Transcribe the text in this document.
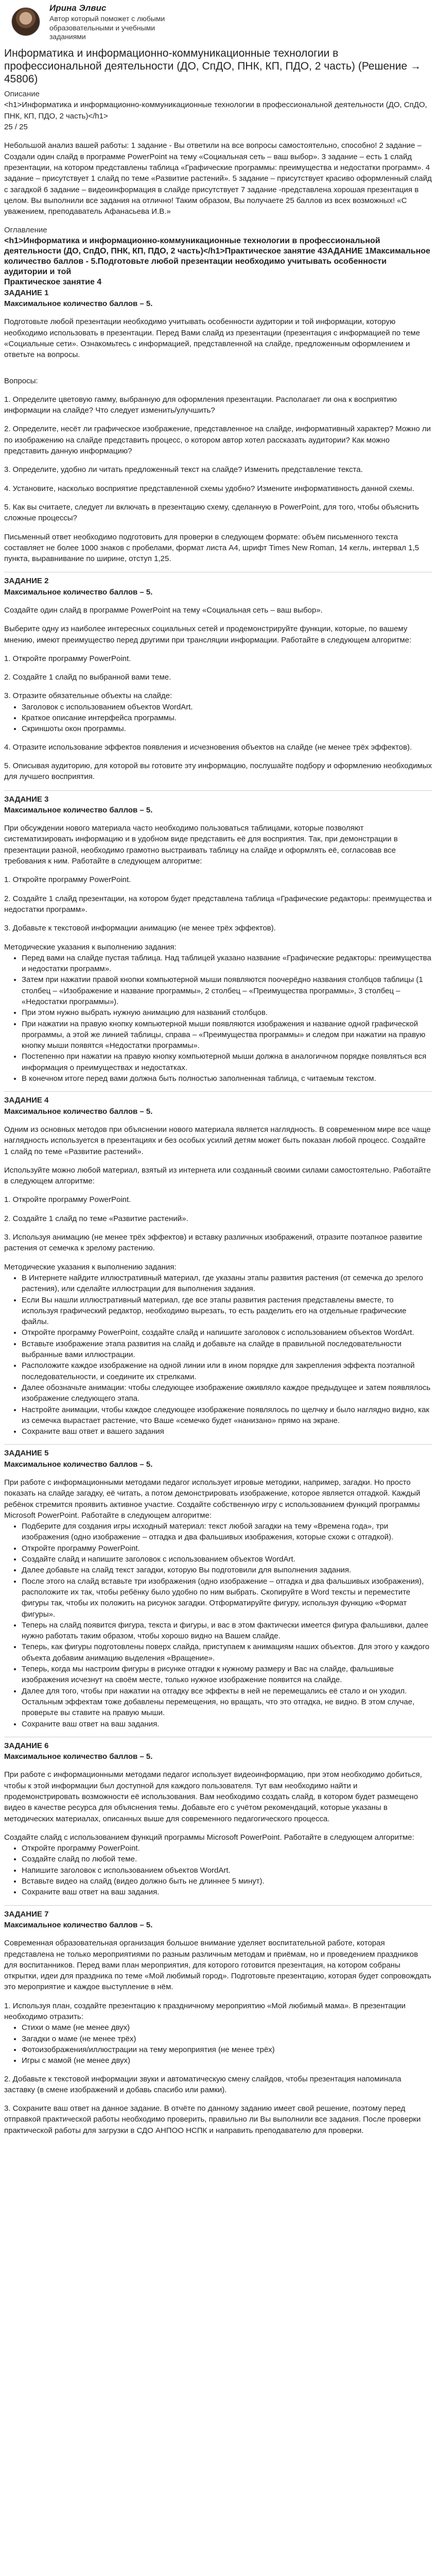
Ирина Элвис
Автор который поможет с любыми образовательными и учебными заданиями
Информатика и информационно-коммуникационные технологии в профессиональной деятельности (ДО, СпДО, ПНК, КП, ПДО, 2 часть) (Решение → 45806)
Описание

<h1>Информатика и информационно-коммуникационные технологии в профессиональной деятельности (ДО, СпДО, ПНК, КП, ПДО, 2 часть)</h1>

25 / 25

Небольшой анализ вашей работы: 1 задание - Вы ответили на все вопросы самостоятельно, способно! 2 задание – Создали один слайд в программе PowerPoint на тему «Социальная сеть – ваш выбор». 3 задание – есть 1 слайд презентации, на котором представлены таблица «Графические программы: преимущества и недостатки программ». 4 задание – присутствует 1 слайд по теме «Развитие растений». 5 задание – присутствует красиво оформленный слайд с загадкой 6 задание – видеоинформация в слайде присутствует 7 задание -представлена хорошая презентация в целом. Вы выполнили все задания на отлично! Таким образом, Вы получаете 25 баллов из всех возможных! «С уважением, преподаватель Афанасьева И.В.»

Оглавление

<h1>Информатика и информационно-коммуникационные технологии в профессиональной деятельности (ДО, СпДО, ПНК, КП, ПДО, 2 часть)</h1>Практическое занятие 4ЗАДАНИЕ 1Максимальное количество баллов - 5.Подготовьте любой презентации необходимо учитывать особенности аудитории и той

Практическое занятие 4

ЗАДАНИЕ 1

Максимальное количество баллов – 5.

Подготовьте любой презентации необходимо учитывать особенности аудитории и той информации, которую необходимо использовать в презентации. Перед Вами слайд из презентации (презентация с информацией по теме «Социальные сети». Ознакомьтесь с информацией, представленной на слайде, предложенным оформлением и ответьте на вопросы.

Вопросы:

1. Определите цветовую гамму, выбранную для оформления презентации. Располагает ли она к восприятию информации на слайде? Что следует изменить/улучшить?

2. Определите, несёт ли графическое изображение, представленное на слайде, информативный характер? Можно ли по изображению на слайде представить процесс, о котором автор хотел рассказать аудитории? Как можно представить данную информацию?

3. Определите, удобно ли читать предложенный текст на слайде? Изменить представление текста.

4. Установите, насколько восприятие представленной схемы удобно? Измените информативность данной схемы.

5. Как вы считаете, следует ли включать в презентацию схему, сделанную в PowerPoint, для того, чтобы объяснить сложные процессы?

Письменный ответ необходимо подготовить для проверки в следующем формате: объём письменного текста составляет не более 1000 знаков с пробелами, формат листа А4, шрифт Times New Roman, 14 кегль, интервал 1,5 пункта, выравнивание по ширине, отступ 1,25.

ЗАДАНИЕ 2

Максимальное количество баллов – 5.

Создайте один слайд в программе PowerPoint на тему «Социальная сеть – ваш выбор».

Выберите одну из наиболее интересных социальных сетей и продемонстрируйте функции, которые, по вашему мнению, имеют преимущество перед другими при трансляции информации. Работайте в следующем алгоритме:

1. Откройте программу PowerPoint.

2. Создайте 1 слайд по выбранной вами теме.

3. Отразите обязательные объекты на слайде:

• Заголовок с использованием объектов WordArt.
• Краткое описание интерфейса программы.
• Скриншоты окон программы.

4. Отразите использование эффектов появления и исчезновения объектов на слайде (не менее трёх эффектов).

5. Описывая аудиторию, для которой вы готовите эту информацию, послушайте подбору и оформлению необходимых для лучшего восприятия.

ЗАДАНИЕ 3

Максимальное количество баллов – 5.

При обсуждении нового материала часто необходимо пользоваться таблицами, которые позволяют систематизировать информацию и в удобном виде представить её для восприятия. Так, при демонстрации в презентации разной, необходимо грамотно выстраивать таблицу на слайде и оформлять её, согласовав все требования к ним. Работайте в следующем алгоритме:

1. Откройте программу PowerPoint.

2. Создайте 1 слайд презентации, на котором будет представлена таблица «Графические редакторы: преимущества и недостатки программ».

3. Добавьте к текстовой информации анимацию (не менее трёх эффектов).

Методические указания к выполнению задания:

• Перед вами на слайде пустая таблица. Над таблицей указано название «Графические редакторы: преимущества и недостатки программ».
• Затем при нажатии правой кнопки компьютерной мыши появляются поочерёдно названия столбцов таблицы (1 столбец – «Изображение и название программы», 2 столбец – «Преимущества программы», 3 столбец – «Недостатки программы»).
• При этом нужно выбрать нужную анимацию для названий столбцов.
• При нажатии на правую кнопку компьютерной мыши появляются изображения и название одной графической программы, а этой же линией таблицы, справа – «Преимущества программы» и следом при нажатии на правую кнопку мыши появятся «Недостатки программы».
• Постепенно при нажатии на правую кнопку компьютерной мыши должна в аналогичном порядке появляться вся информация о преимуществах и недостатках.
• В конечном итоге перед вами должна быть полностью заполненная таблица, с читаемым текстом.

ЗАДАНИЕ 4

Максимальное количество баллов – 5.

Одним из основных методов при объяснении нового материала является наглядность. В современном мире все чаще наглядность используется в презентациях и без особых усилий детям может быть показан любой процесс. Создайте 1 слайд по теме «Развитие растений».

Используйте можно любой материал, взятый из интернета или созданный своими силами самостоятельно. Работайте в следующем алгоритме:

1. Откройте программу PowerPoint.

2. Создайте 1 слайд по теме «Развитие растений».

3. Используя анимацию (не менее трёх эффектов) и вставку различных изображений, отразите поэтапное развитие растения от семечка к зрелому растению.

Методические указания к выполнению задания:

• В Интернете найдите иллюстративный материал, где указаны этапы развития растения (от семечка до зрелого растения), или сделайте иллюстрации для выполнения задания.
• Если Вы нашли иллюстративный материал, где все этапы развития растения представлены вместе, то используя графический редактор, необходимо вырезать, то есть разделить его на отдельные графические файлы.
• Откройте программу PowerPoint, создайте слайд и напишите заголовок с использованием объектов WordArt.
• Вставьте изображение этапа развития на слайд и добавьте на слайде в правильной последовательности выбранные вами иллюстрации.
• Расположите каждое изображение на одной линии или в ином порядке для закрепления эффекта поэтапной последовательности, и соедините их стрелками.
• Далее обозначьте анимации: чтобы следующее изображение оживляло каждое предыдущее и затем появлялось изображение следующего этапа.
• Настройте анимации, чтобы каждое следующее изображение появлялось по щелчку и было наглядно видно, как из семечка вырастает растение, что Ваше «семечко будет «нанизано» прямо на экране.
• Сохраните ваш ответ и вашего задания

ЗАДАНИЕ 5

Максимальное количество баллов – 5.

При работе с информационными методами педагог использует игровые методики, например, загадки. Но просто показать на слайде загадку, её читать, а потом демонстрировать изображение, которое является отгадкой. Каждый ребёнок стремится проявить активное участие. Создайте собственную игру с использованием функций программы Microsoft PowerPoint. Работайте в следующем алгоритме:

• Подберите для создания игры исходный материал: текст любой загадки на тему «Времена года», три изображения (одно изображение – отгадка и два фальшивых изображения, которые схожи с отгадкой).
• Откройте программу PowerPoint.
• Создайте слайд и напишите заголовок с использованием объектов WordArt.
• Далее добавьте на слайд текст загадки, которую Вы подготовили для выполнения задания.
• После этого на слайд вставьте три изображения (одно изображение – отгадка и два фальшивых изображения), расположите их так, чтобы ребёнку было удобно по ним выбрать. Скопируйте в Word тексты и переместите фигуры так, чтобы их положить на рисунок загадки. Отформатируйте фигуру, используя функцию «Формат фигуры».
• Теперь на слайд появится фигура, текста и фигуры, и вас в этом фактически имеется фигура фальшивки, далее нужно работать таким образом, чтобы хорошо видно на Вашем слайде.
• Теперь, как фигуры подготовлены поверх слайда, приступаем к анимациям наших объектов. Для этого у каждого объекта добавим анимацию выделения «Вращение».
• Теперь, когда мы настроим фигуры в рисунке отгадки к нужному размеру и Вас на слайде, фальшивые изображения исчезнут на своём месте, только нужное изображение появится на слайде.
• Далее для того, чтобы при нажатии на отгадку все эффекты в ней не перемещались её стало и он уходил. Остальным эффектам тоже добавлены перемещения, но вращать, что это отгадка, не видно. В этом случае, проверьте вы ставите на правую мыши.
• Сохраните ваш ответ на ваш задания.

ЗАДАНИЕ 6

Максимальное количество баллов – 5.

При работе с информационными методами педагог использует видеоинформацию, при этом необходимо добиться, чтобы к этой информации был доступной для каждого пользователя. Тут вам необходимо найти и продемонстрировать возможности её использования. Вам необходимо создать слайд, в котором будет размещено видео в качестве ресурса для объяснения темы. Добавьте его с учётом рекомендаций, которые указаны в методических материалах, описанных выше для современного педагогического процесса.

Создайте слайд с использованием функций программы Microsoft PowerPoint. Работайте в следующем алгоритме:

• Откройте программу PowerPoint.
• Создайте слайд по любой теме.
• Напишите заголовок с использованием объектов WordArt.
• Вставьте видео на слайд (видео должно быть не длиннее 5 минут).
• Сохраните ваш ответ на ваш задания.

ЗАДАНИЕ 7

Максимальное количество баллов – 5.

Современная образовательная организация большое внимание уделяет воспитательной работе, которая представлена не только мероприятиями по разным различным методам и приёмам, но и проведением праздников для воспитанников. Перед вами план мероприятия, для которого готовится презентация, на котором собраны открытки, идеи для праздника по теме «Мой любимый город». Подготовьте презентацию, которая будет сопровождать это мероприятие и каждое выступление в нём.

1. Используя план, создайте презентацию к праздничному мероприятию «Мой любимый мама». В презентации необходимо отразить:

• Стихи о маме (не менее двух)
• Загадки о маме (не менее трёх)
• Фотоизображения/иллюстрации на тему мероприятия (не менее трёх)
• Игры с мамой (не менее двух)

2. Добавьте к текстовой информации звуки и автоматическую смену слайдов, чтобы презентация напоминала заставку (в смене изображений и добавь спасибо или рамки).

3. Сохраните ваш ответ на данное задание. В отчёте по данному заданию имеет свой решение, поэтому перед отправкой практической работы необходимо проверить, правильно ли Вы выполнили все задания. После проверки практической работы для загрузки в СДО АНПОО НСПК и направить преподавателю для проверки.
